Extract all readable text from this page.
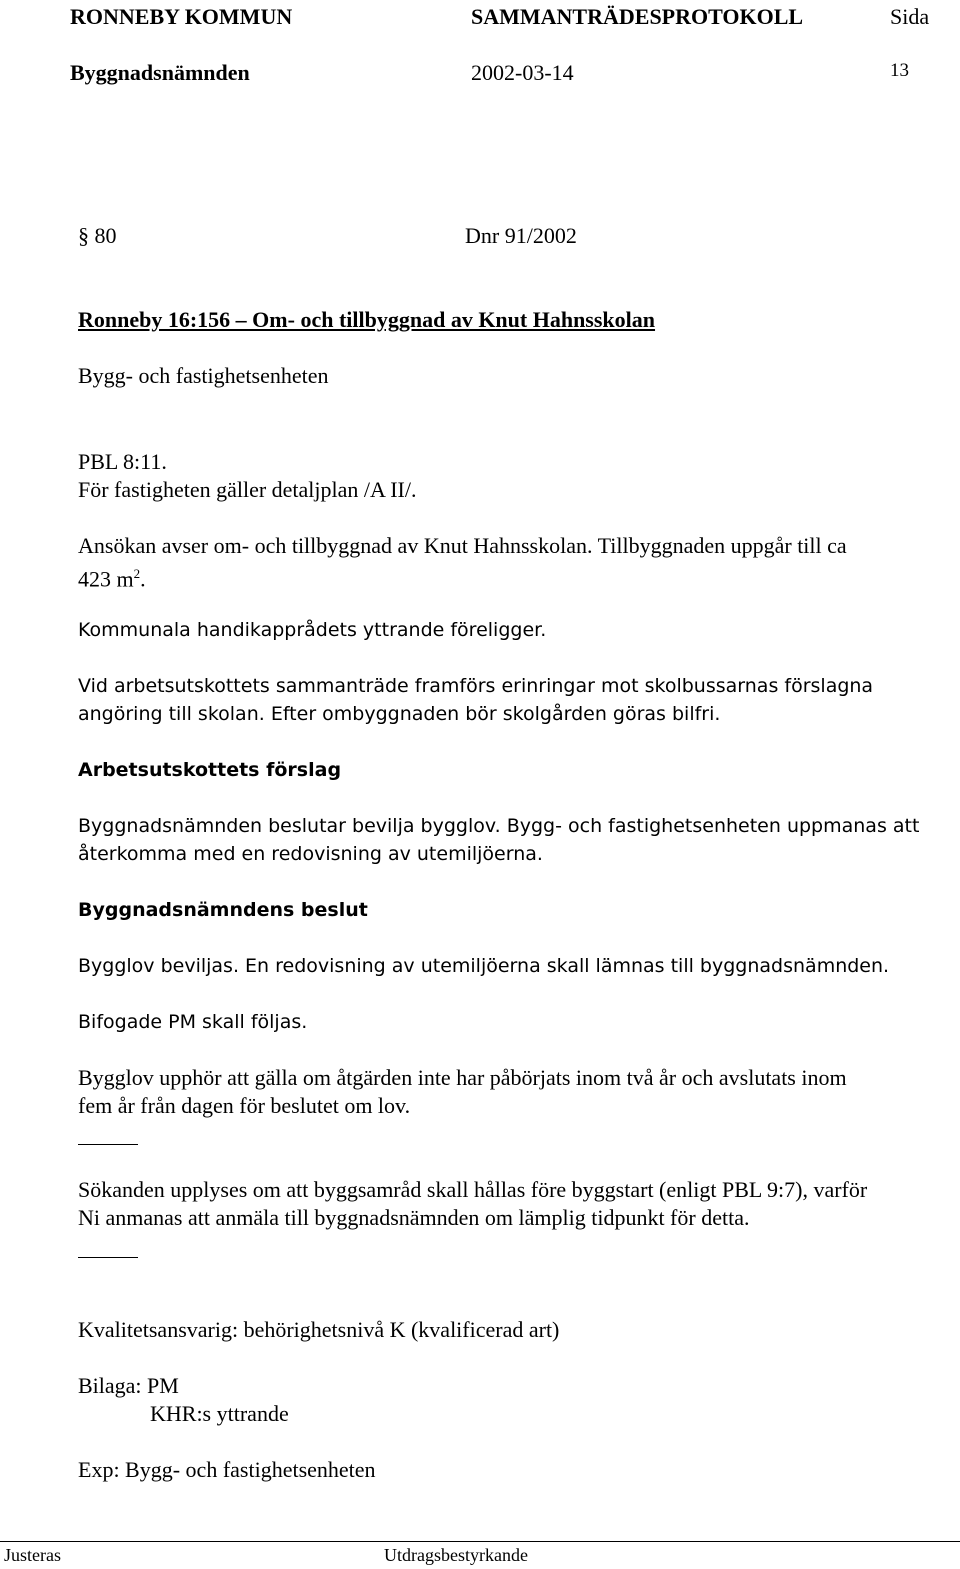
RONNEBY KOMMUN	SAMMANTRÄDESPROTOKOLL	Sida
Byggnadsnämnden	2002-03-14	13
§ 80	Dnr 91/2002
Ronneby 16:156 – Om- och tillbyggnad av Knut Hahnsskolan
Bygg- och fastighetsenheten
PBL 8:11.
För fastigheten gäller detaljplan /A II/.
Ansökan avser om- och tillbyggnad av Knut Hahnsskolan. Tillbyggnaden uppgår till ca
423 $m^2$.
Kommunala handikapprådets yttrande föreligger.
Vid arbetsutskottets sammanträde framförs erinringar mot skolbussarnas förslagna
angöring till skolan. Efter ombyggnaden bör skolgården göras bilfri.
Arbetsutskottets förslag
Byggnadsnämnden beslutar bevilja bygglov. Bygg- och fastighetsenheten uppmanas att
återkomma med en redovisning av utemiljöerna.
Byggnadsnämndens beslut
Bygglov beviljas. En redovisning av utemiljöerna skall lämnas till byggnadsnämnden.
Bifogade PM skall följas.
Bygglov upphör att gälla om åtgärden inte har påbörjats inom två år och avslutats inom
fem år från dagen för beslutet om lov.
Sökanden upplyses om att byggsamråd skall hållas före byggstart (enligt PBL 9:7), varför
Ni anmanas att anmäla till byggnadsnämnden om lämplig tidpunkt för detta.
Kvalitetsansvarig: behörighetsnivå K (kvalificerad art)
Bilaga: PM
KHR:s yttrande
Exp: Bygg- och fastighetsenheten
Justeras	Utdragsbestyrkande
